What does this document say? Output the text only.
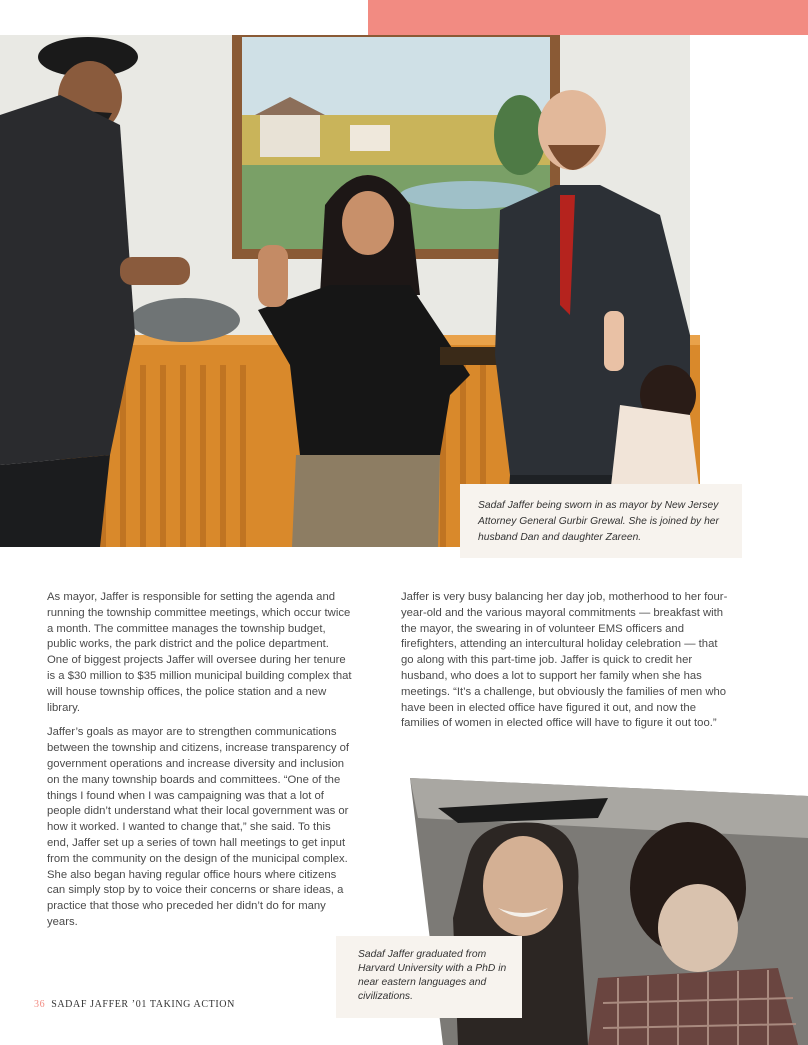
Sadaf Jaffer being sworn in as mayor by New Jersey Attorney General Gurbir Grewal. She is joined by her husband Dan and daughter Zareen.

As mayor, Jaffer is responsible for setting the agenda and running the township committee meetings, which occur twice a month. The committee manages the township budget, public works, the park district and the police department. One of biggest projects Jaffer will oversee during her tenure is a $30 million to $35 million municipal building complex that will house township offices, the police station and a new library.

Jaffer’s goals as mayor are to strengthen communications between the township and citizens, increase transparency of government operations and increase diversity and inclusion on the many township boards and committees. “One of the things I found when I was campaigning was that a lot of people didn’t understand what their local government was or how it worked. I wanted to change that,” she said. To this end, Jaffer set up a series of town hall meetings to get input from the community on the design of the municipal complex. She also began having regular office hours where citizens can simply stop by to voice their concerns or share ideas, a practice that those who preceded her didn’t do for many years.

Jaffer is very busy balancing her day job, motherhood to her four-year-old and the various mayoral commitments — breakfast with the mayor, the swearing in of volunteer EMS officers and firefighters, attending an intercultural holiday celebration — that go along with this part-time job. Jaffer is quick to credit her husband, who does a lot to support her family when she has meetings. “It’s a challenge, but obviously the families of men who have been in elected office have figured it out, and now the families of women in elected office will have to figure it out too.”

Sadaf Jaffer graduated from Harvard University with a PhD in near eastern languages and civilizations.
36 SADAF JAFFER ’01 TAKING ACTION
